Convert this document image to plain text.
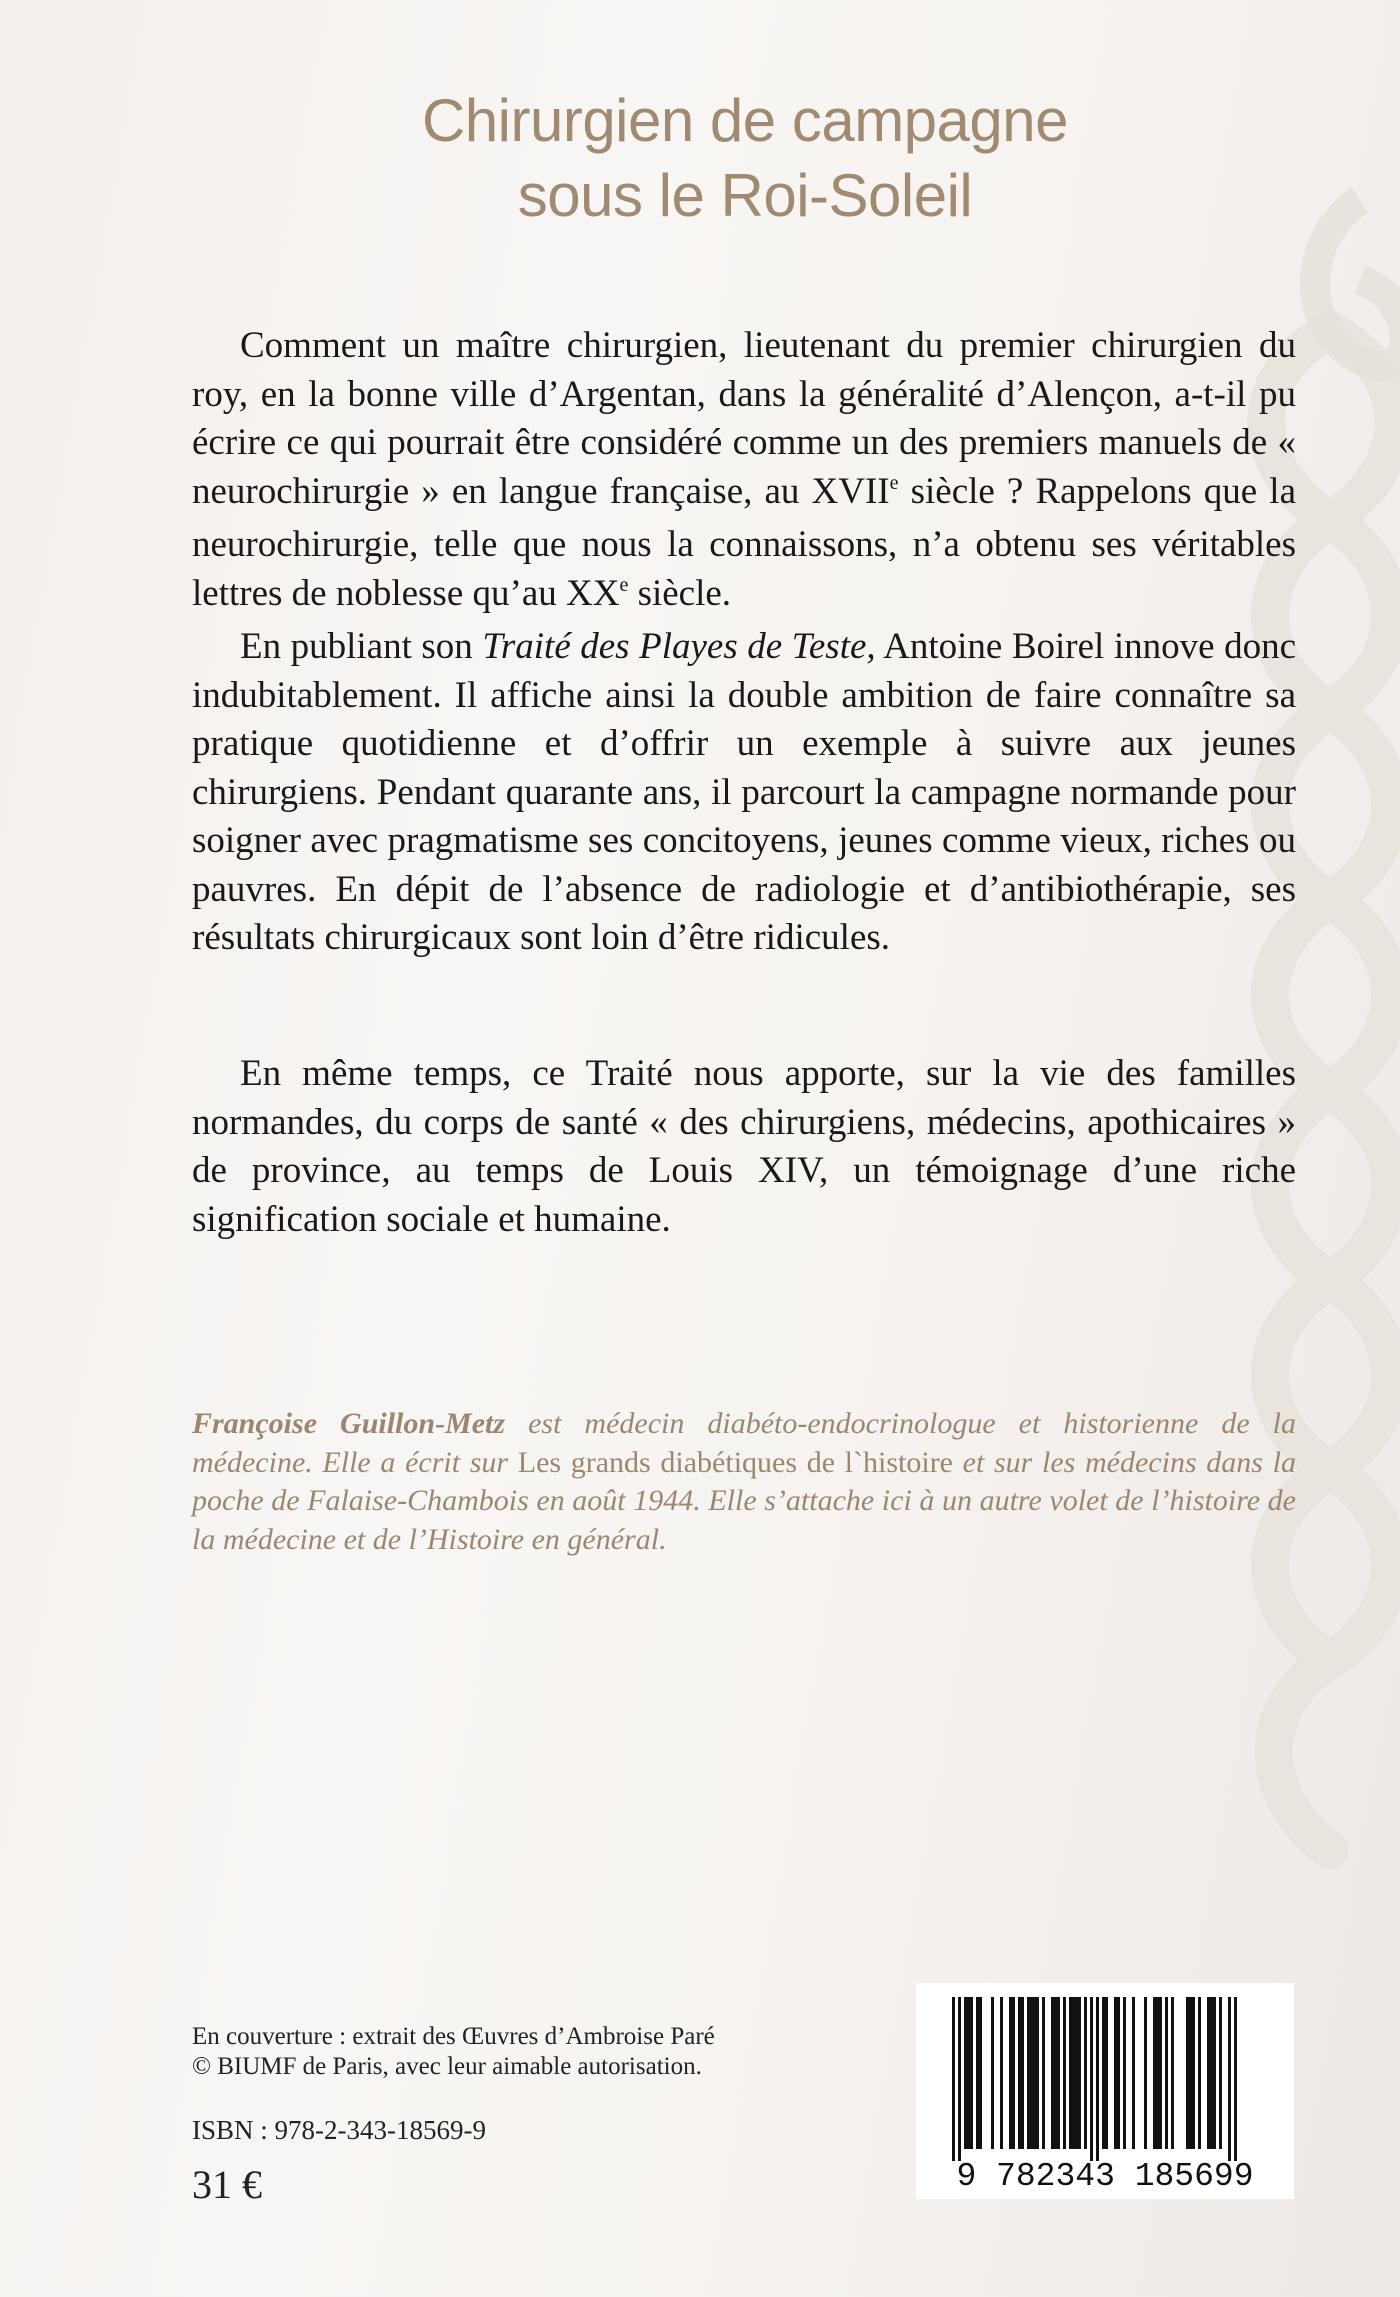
Chirurgien de campagne
sous le Roi-Soleil

Comment un maître chirurgien, lieutenant du premier chirurgien du roy, en la bonne ville d’Argentan, dans la généralité d’Alençon, a-t-il pu écrire ce qui pourrait être considéré comme un des premiers manuels de « neurochirurgie » en langue française, au XVIIe siècle ? Rappelons que la neurochirurgie, telle que nous la connaissons, n’a obtenu ses véritables lettres de noblesse qu’au XXe siècle.

En publiant son Traité des Playes de Teste, Antoine Boirel innove donc indubitablement. Il affiche ainsi la double ambition de faire connaître sa pratique quotidienne et d’offrir un exemple à suivre aux jeunes chirurgiens. Pendant quarante ans, il parcourt la campagne normande pour soigner avec pragmatisme ses concitoyens, jeunes comme vieux, riches ou pauvres. En dépit de l’absence de radiologie et d’antibiothérapie, ses résultats chirurgicaux sont loin d’être ridicules.

En même temps, ce Traité nous apporte, sur la vie des familles normandes, du corps de santé « des chirurgiens, médecins, apothicaires » de province, au temps de Louis XIV, un témoignage d’une riche signification sociale et humaine.

Françoise Guillon-Metz est médecin diabéto-endocrinologue et historienne de la médecine. Elle a écrit sur Les grands diabétiques de l`histoire et sur les médecins dans la poche de Falaise-Chambois en août 1944. Elle s’attache ici à un autre volet de l’histoire de la médecine et de l’Histoire en général.
En couverture : extrait des Œuvres d’Ambroise Paré
© BIUMF de Paris, avec leur aimable autorisation.
ISBN : 978-2-343-18569-9
31 €	9 782343 185699
